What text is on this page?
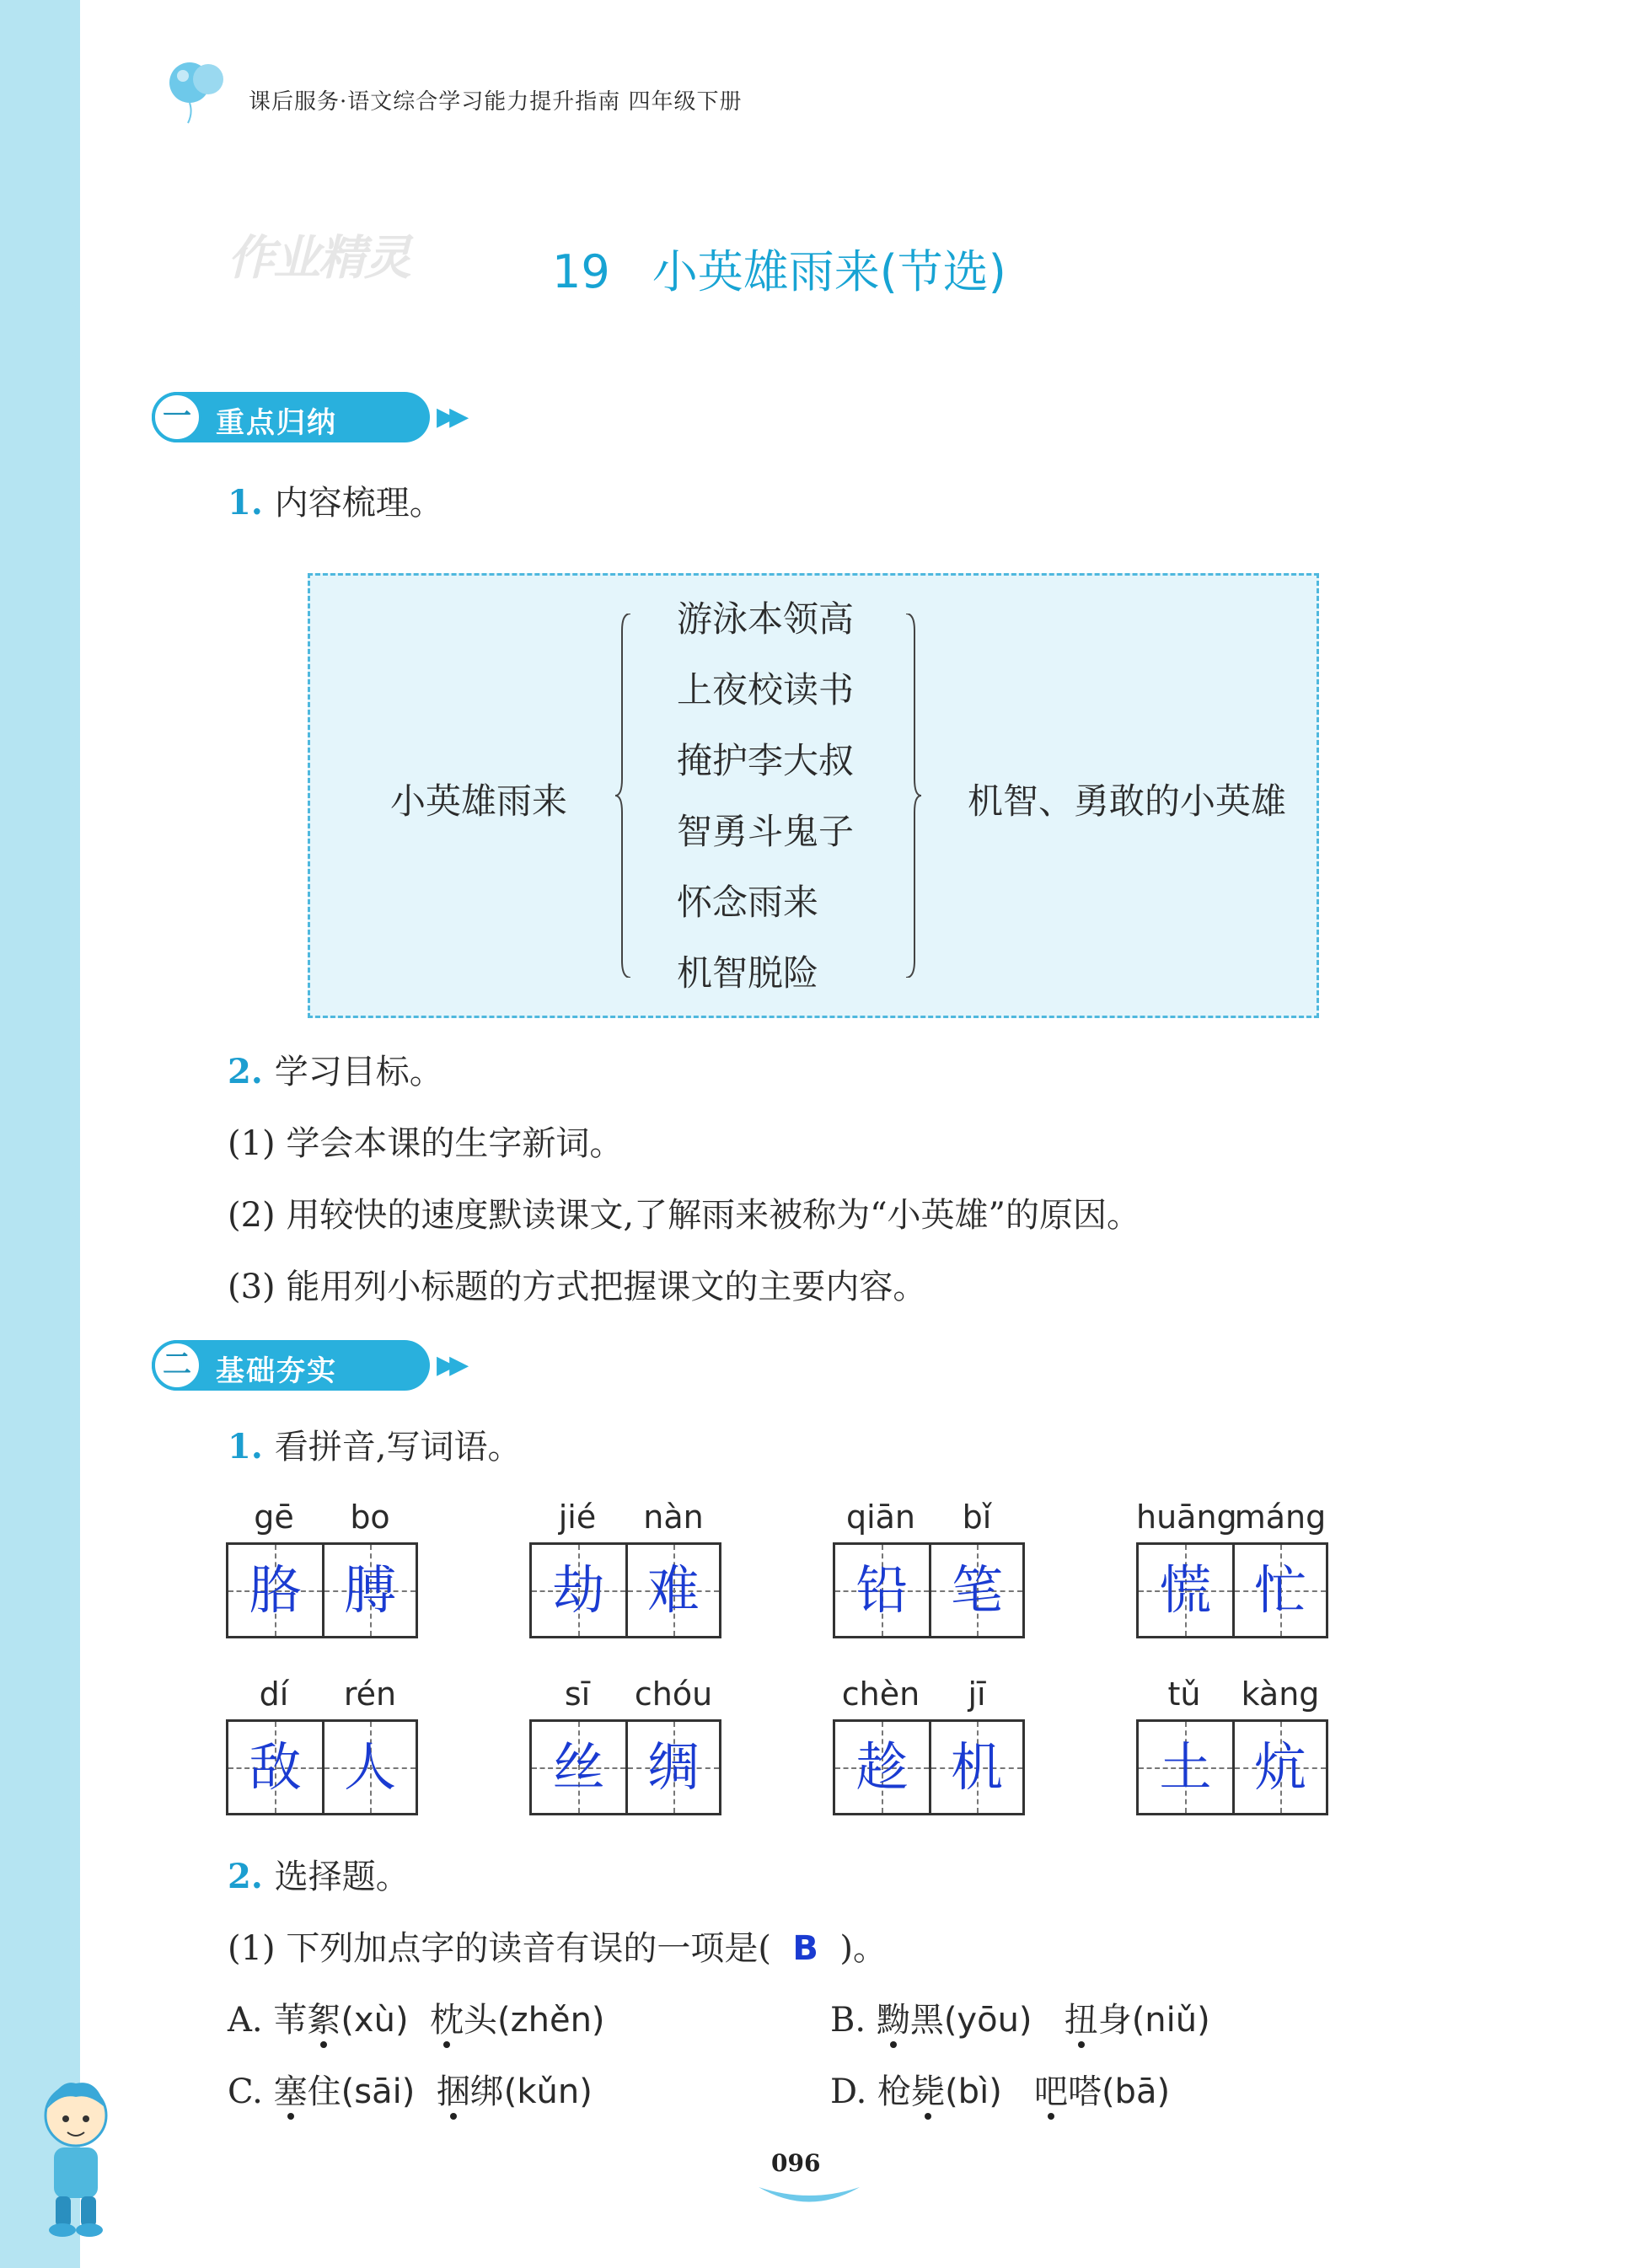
课后服务·语文综合学习能力提升指南 四年级下册
作业精灵	19 小英雄雨来(节选)
一 重点归纳	▶▶
1. 内容梳理。
小英雄雨来
游泳本领高
上夜校读书
掩护李大叔
智勇斗鬼子
怀念雨来
机智脱险
机智、勇敢的小英雄
2. 学习目标。
(1) 学会本课的生字新词。
(2) 用较快的速度默读课文,了解雨来被称为“小英雄”的原因。
(3) 能用列小标题的方式把握课文的主要内容。
二 基础夯实	▶▶
1. 看拼音,写词语。
gē	bo
胳 膊
jié	nàn
劫 难
qiān	bǐ
铅 笔
huāng
máng
慌 忙
dí	rén
敌 人
sī	chóu
丝 绸
chèn	jī
趁 机
tǔ	kàng
土 炕
2. 选择题。
(1) 下列加点字的读音有误的一项是( B )。
A. 苇絮(xù) 枕头(zhěn)	B. 黝黑(yōu) 扭身(niǔ)
C. 塞住(sāi) 捆绑(kǔn)	D. 枪毙(bì) 吧嗒(bā)
096
